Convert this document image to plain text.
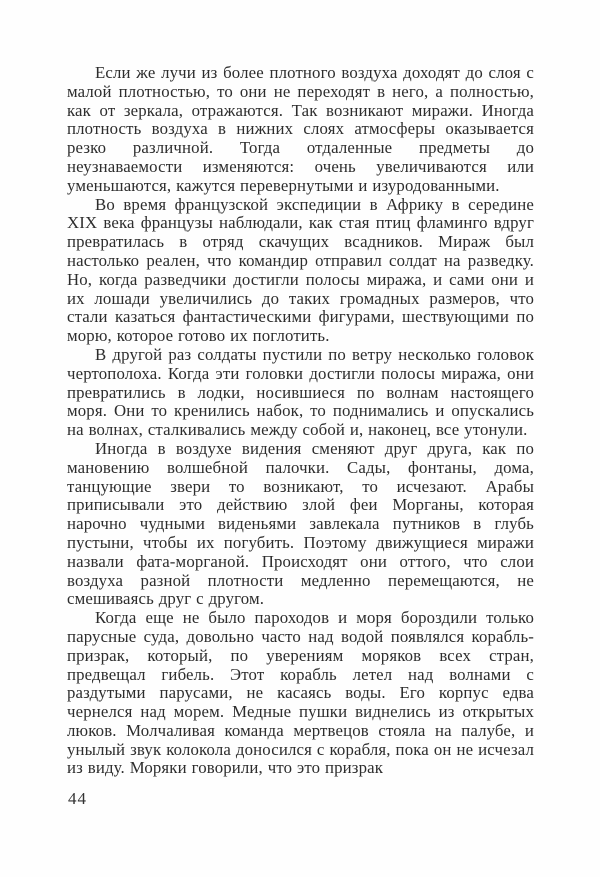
Если же лучи из более плотного воздуха доходят до слоя с малой плотностью, то они не переходят в него, а полностью, как от зеркала, отражаются. Так возникают миражи. Иногда плотность воздуха в нижних слоях атмосферы оказывается резко различной. Тогда отдаленные предметы до неузнаваемости изменяются: очень увеличиваются или уменьшаются, кажутся перевернутыми и изуродованными.

Во время французской экспедиции в Африку в середине XIX века французы наблюдали, как стая птиц фламинго вдруг превратилась в отряд скачущих всадников. Мираж был настолько реален, что командир отправил солдат на разведку. Но, когда разведчики достигли полосы миража, и сами они и их лошади увеличились до таких громадных размеров, что стали казаться фантастическими фигурами, шествующими по морю, которое готово их поглотить.

В другой раз солдаты пустили по ветру несколько головок чертополоха. Когда эти головки достигли полосы миража, они превратились в лодки, носившиеся по волнам настоящего моря. Они то кренились набок, то поднимались и опускались на волнах, сталкивались между собой и, наконец, все утонули.

Иногда в воздухе видения сменяют друг друга, как по мановению волшебной палочки. Сады, фонтаны, дома, танцующие звери то возникают, то исчезают. Арабы приписывали это действию злой феи Морганы, которая нарочно чудными виденьями завлекала путников в глубь пустыни, чтобы их погубить. Поэтому движущиеся миражи назвали фата-морганой. Происходят они оттого, что слои воздуха разной плотности медленно перемещаются, не смешиваясь друг с другом.

Когда еще не было пароходов и моря бороздили только парусные суда, довольно часто над водой появлялся корабль-призрак, который, по уверениям моряков всех стран, предвещал гибель. Этот корабль летел над волнами с раздутыми парусами, не касаясь воды. Его корпус едва чернелся над морем. Медные пушки виднелись из открытых люков. Молчаливая команда мертвецов стояла на палубе, и унылый звук колокола доносился с корабля, пока он не исчезал из виду. Моряки говорили, что это призрак

44
